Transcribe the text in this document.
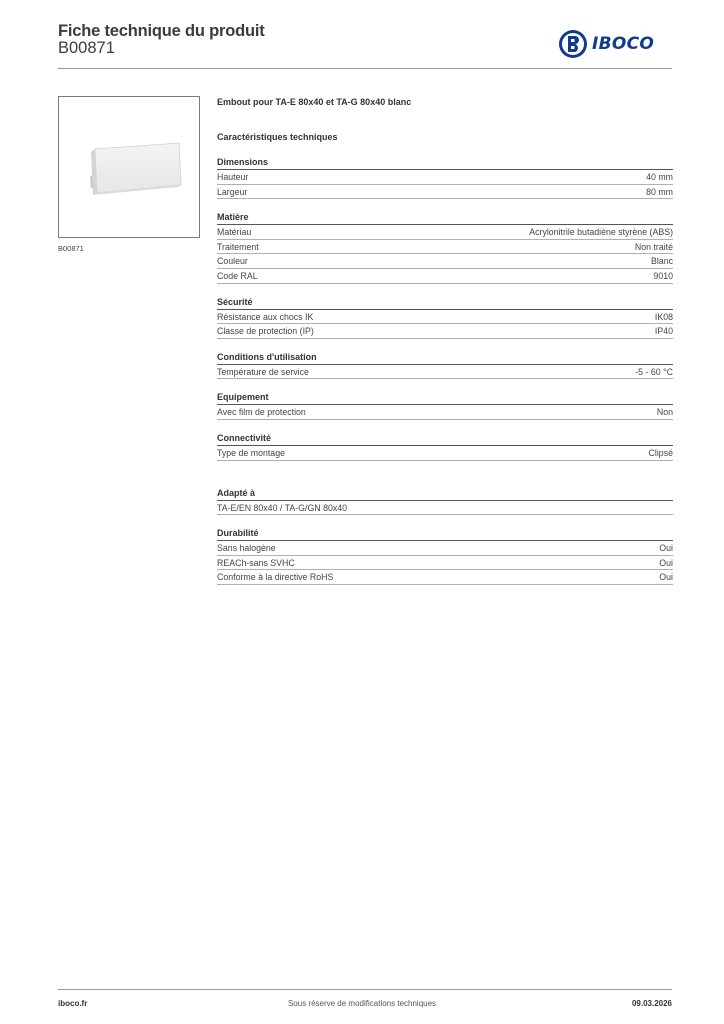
Fiche technique du produit
B00871	IBOCO
B00871
Embout pour TA-E 80x40 et TA-G 80x40 blanc
Caractéristiques techniques
Dimensions
Hauteur	40 mm
Largeur	80 mm
Matière
Matériau	Acrylonitrile butadiène styrène (ABS)
Traitement	Non traité
Couleur	Blanc
Code RAL	9010
Sécurité
Résistance aux chocs IK	IK08
Classe de protection (IP)	IP40
Conditions d'utilisation
Température de service	-5 - 60 °C
Equipement
Avec film de protection	Non
Connectivité
Type de montage	Clipsé
Adapté à
TA-E/EN 80x40 / TA-G/GN 80x40
Durabilité
Sans halogène	Oui
REACh-sans SVHC	Oui
Conforme à la directive RoHS	Oui
iboco.fr	Sous réserve de modifications techniques	09.03.2026
